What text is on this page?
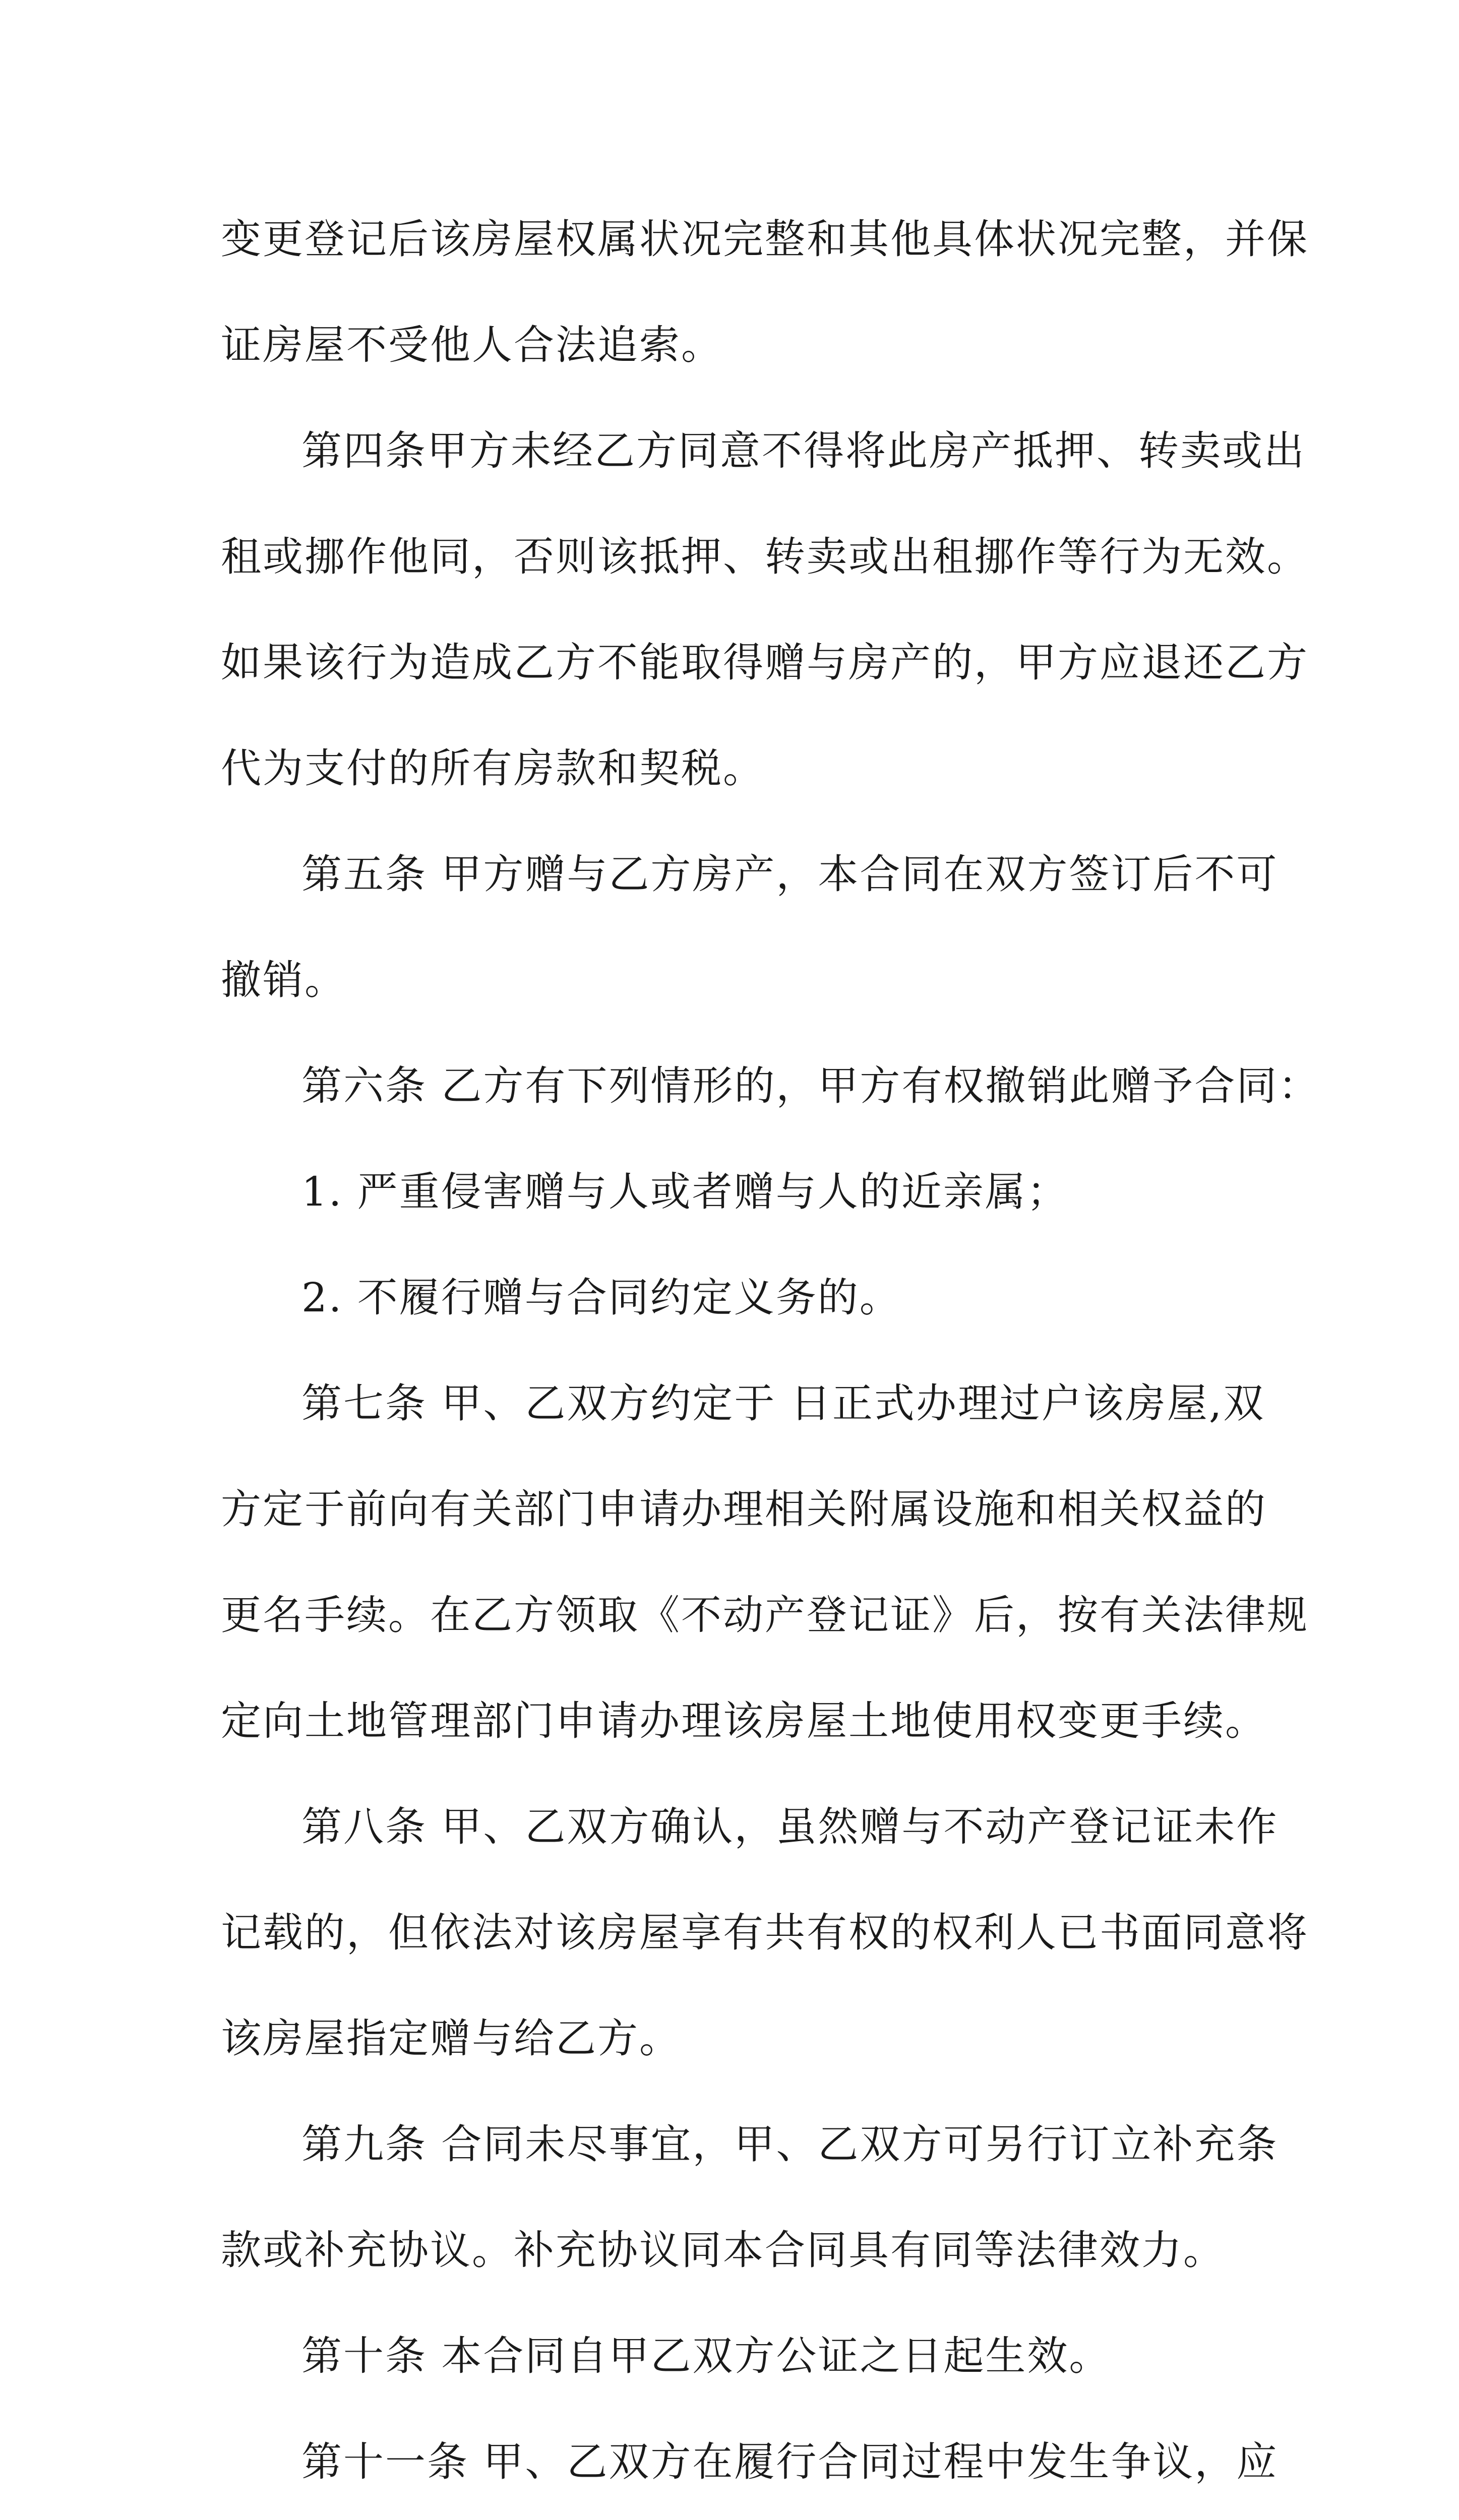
变更登记后该房屋权属状况完整和其他具体状况完整，并保
证房屋不受他人合法追索。
第四条甲方未经乙方同意不得将此房产抵押、转卖或出
租或挪作他同，否则该抵押、转卖或出租挪作等行为无效。
如果该行为造成乙方不能取得赠与房产的，甲方应退还乙方
代为支付的所有房款和契税。
第五条 甲方赠与乙方房产，本合同在双方签订后不可
撤销。
第六条 乙方有下列情形的，甲方有权撤销此赠予合同：
1. 严重侵害赠与人或者赠与人的近亲属；
2. 不履行赠与合同约定义务的。
第七条 甲、乙双方约定于 日正式办理过户该房屋,双
方定于前向有关部门申请办理相关附属设施和相关权益的
更名手续。在乙方领取《不动产登记证》后，按有关法律规
定向土地管理部门申请办理该房屋土地使用权变更手续。
第八条 甲、乙双方确认，虽然赠与不动产登记证未作
记载的，但依法对该房屋享有共有权的权利人已书面同意将
该房屋指定赠与给乙方。
第九条 合同未尽事宜，甲、乙双方可另行订立补充条
款或补充协议。补充协议同本合同具有同等法律效力。
第十条 本合同自甲乙双方公证之日起生效。
第十一条 甲、乙双方在履行合同过程中发生争议，应
